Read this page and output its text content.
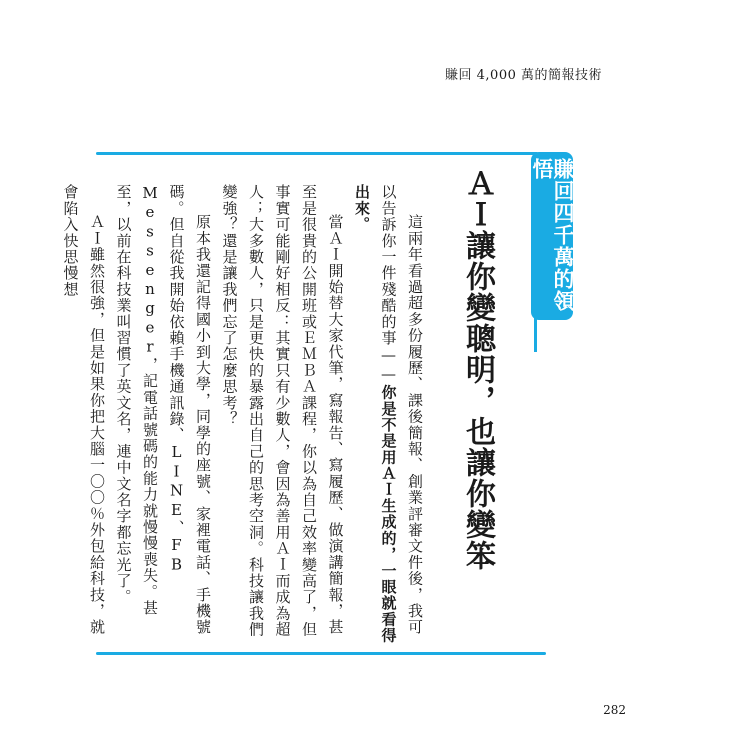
賺回 4,000 萬的簡報技術
賺回四千萬的領悟
ＡＩ讓你變聰明，也讓你變笨

這兩年看過超多份履歷、課後簡報、創業評審文件後，我可以告訴你一件殘酷的事——你是不是用ＡＩ生成的，一眼就看得出來。

當ＡＩ開始替大家代筆，寫報告、寫履歷、做演講簡報，甚至是很貴的公開班或ＥＭＢＡ課程，你以為自己效率變高了，但事實可能剛好相反：其實只有少數人，會因為善用ＡＩ而成為超人；大多數人，只是更快的暴露出自己的思考空洞。科技讓我們變強？還是讓我們忘了怎麼思考？

原本我還記得國小到大學，同學的座號、家裡電話、手機號碼。但自從我開始依賴手機通訊錄、LINE、FB Messenger，記電話號碼的能力就慢慢喪失。甚至，以前在科技業叫習慣了英文名，連中文名字都忘光了。

ＡＩ雖然很強，但是如果你把大腦一〇〇％外包給科技，就會陷入快思慢想

282
